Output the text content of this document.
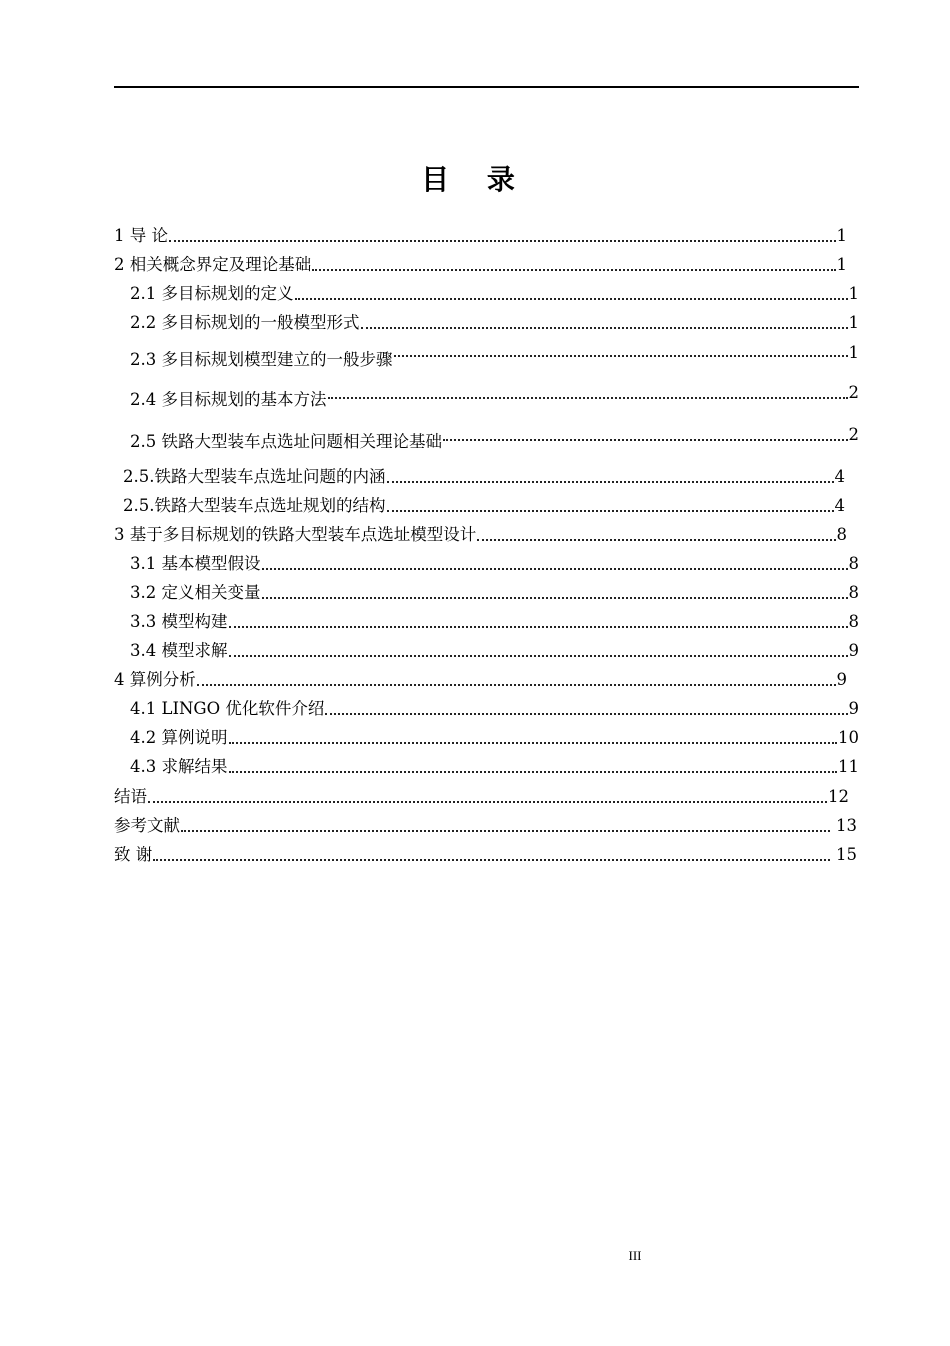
目 录
1 导 论	1
2 相关概念界定及理论基础	1
2.1 多目标规划的定义	1
2.2 多目标规划的一般模型形式	1
2.3 多目标规划模型建立的一般步骤	1
2.4 多目标规划的基本方法	2
2.5 铁路大型装车点选址问题相关理论基础	2
2.5.铁路大型装车点选址问题的内涵	4
2.5.铁路大型装车点选址规划的结构	4
3 基于多目标规划的铁路大型装车点选址模型设计	8
3.1 基本模型假设	8
3.2 定义相关变量	8
3.3 模型构建	8
3.4 模型求解	9
4 算例分析	9
4.1 LINGO 优化软件介绍	9
4.2 算例说明	10
4.3 求解结果	11
结语	12
参考文献	13
致 谢	15
III
